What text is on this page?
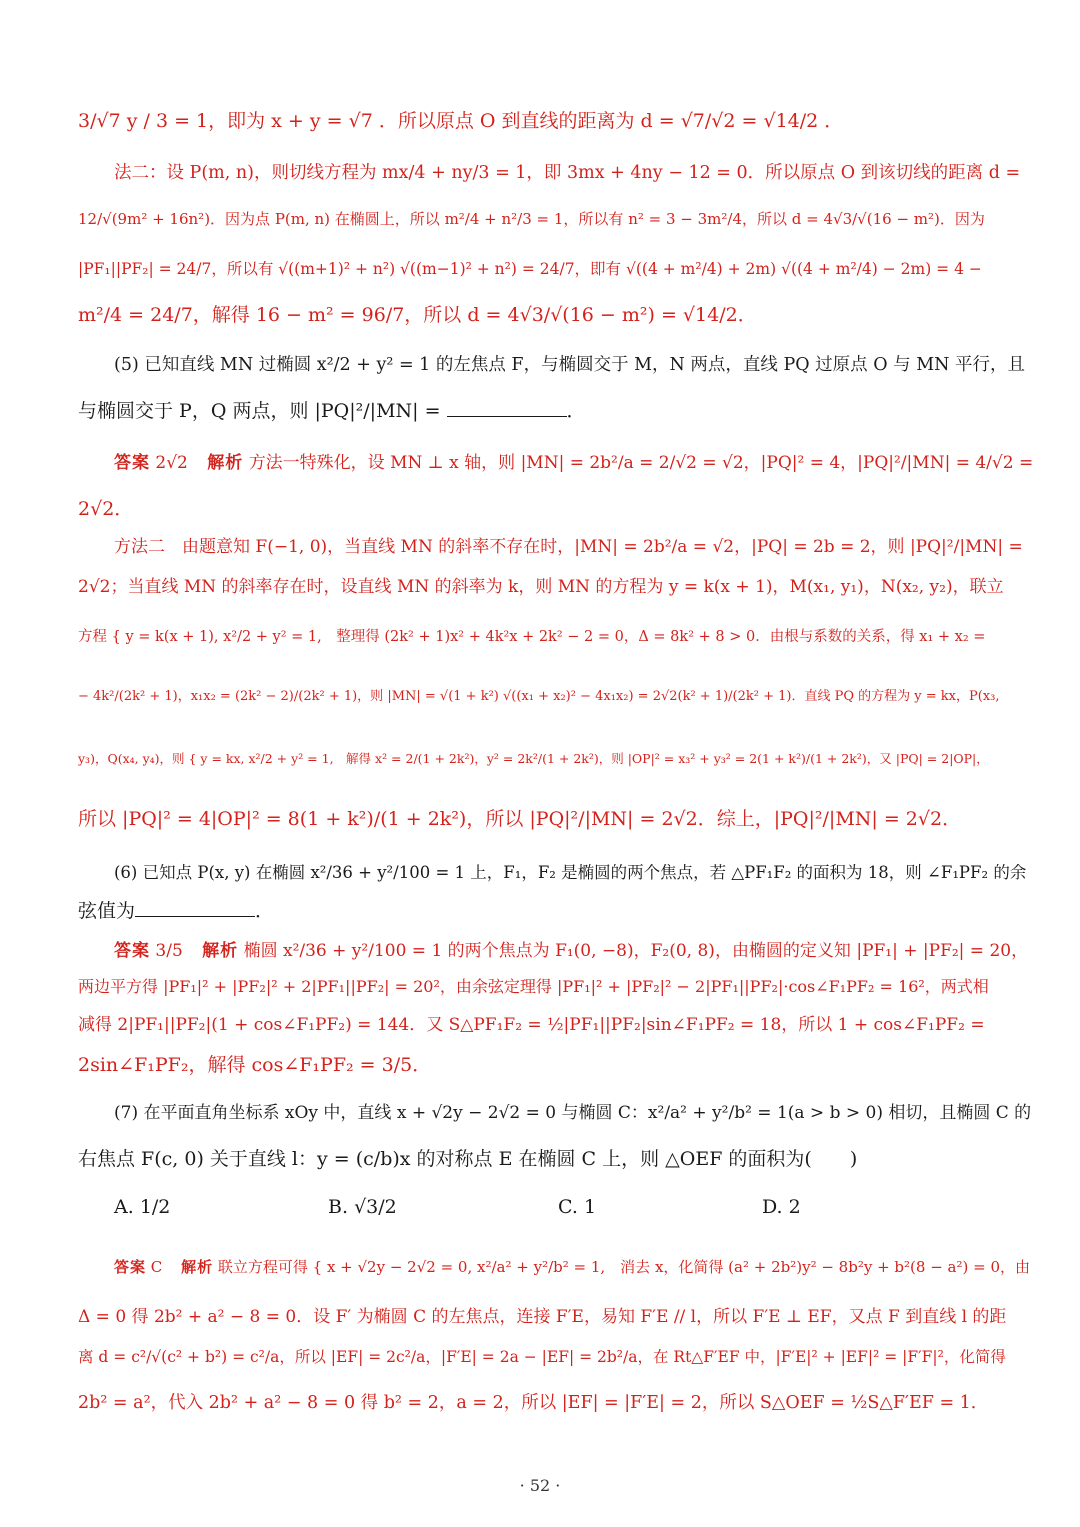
3/√7 y / 3 = 1，即为 x + y = √7 ．所以原点 O 到直线的距离为 d = √7/√2 = √14/2 ．
法二：设 P(m, n)，则切线方程为 mx/4 + ny/3 = 1，即 3mx + 4ny − 12 = 0．所以原点 O 到该切线的距离 d =
12/√(9m² + 16n²)．因为点 P(m, n) 在椭圆上，所以 m²/4 + n²/3 = 1，所以有 n² = 3 − 3m²/4，所以 d = 4√3/√(16 − m²)．因为
|PF₁||PF₂| = 24/7，所以有 √((m+1)² + n²) √((m−1)² + n²) = 24/7，即有 √((4 + m²/4) + 2m) √((4 + m²/4) − 2m) = 4 −
m²/4 = 24/7，解得 16 − m² = 96/7，所以 d = 4√3/√(16 − m²) = √14/2．
(5) 已知直线 MN 过椭圆 x²/2 + y² = 1 的左焦点 F，与椭圆交于 M，N 两点，直线 PQ 过原点 O 与 MN 平行，且
与椭圆交于 P，Q 两点，则 |PQ|²/|MN| =	．
答案 2√2 解析 方法一特殊化，设 MN ⊥ x 轴，则 |MN| = 2b²/a = 2/√2 = √2，|PQ|² = 4，|PQ|²/|MN| = 4/√2 =
2√2．
方法二　由题意知 F(−1, 0)，当直线 MN 的斜率不存在时，|MN| = 2b²/a = √2，|PQ| = 2b = 2，则 |PQ|²/|MN| =
2√2；当直线 MN 的斜率存在时，设直线 MN 的斜率为 k，则 MN 的方程为 y = k(x + 1)，M(x₁, y₁)，N(x₂, y₂)，联立
方程 { y = k(x + 1), x²/2 + y² = 1,　整理得 (2k² + 1)x² + 4k²x + 2k² − 2 = 0，Δ = 8k² + 8 > 0．由根与系数的关系，得 x₁ + x₂ =
− 4k²/(2k² + 1)，x₁x₂ = (2k² − 2)/(2k² + 1)，则 |MN| = √(1 + k²) √((x₁ + x₂)² − 4x₁x₂) = 2√2(k² + 1)/(2k² + 1)．直线 PQ 的方程为 y = kx，P(x₃,
y₃)，Q(x₄, y₄)，则 { y = kx, x²/2 + y² = 1,　解得 x² = 2/(1 + 2k²)，y² = 2k²/(1 + 2k²)，则 |OP|² = x₃² + y₃² = 2(1 + k²)/(1 + 2k²)，又 |PQ| = 2|OP|，
所以 |PQ|² = 4|OP|² = 8(1 + k²)/(1 + 2k²)，所以 |PQ|²/|MN| = 2√2．综上，|PQ|²/|MN| = 2√2．
(6) 已知点 P(x, y) 在椭圆 x²/36 + y²/100 = 1 上，F₁，F₂ 是椭圆的两个焦点，若 △PF₁F₂ 的面积为 18，则 ∠F₁PF₂ 的余
弦值为	．
答案 3/5 解析 椭圆 x²/36 + y²/100 = 1 的两个焦点为 F₁(0, −8)，F₂(0, 8)，由椭圆的定义知 |PF₁| + |PF₂| = 20，
两边平方得 |PF₁|² + |PF₂|² + 2|PF₁||PF₂| = 20²，由余弦定理得 |PF₁|² + |PF₂|² − 2|PF₁||PF₂|·cos∠F₁PF₂ = 16²，两式相
减得 2|PF₁||PF₂|(1 + cos∠F₁PF₂) = 144．又 S△PF₁F₂ = ½|PF₁||PF₂|sin∠F₁PF₂ = 18，所以 1 + cos∠F₁PF₂ =
2sin∠F₁PF₂，解得 cos∠F₁PF₂ = 3/5．
(7) 在平面直角坐标系 xOy 中，直线 x + √2y − 2√2 = 0 与椭圆 C：x²/a² + y²/b² = 1(a > b > 0) 相切，且椭圆 C 的
右焦点 F(c, 0) 关于直线 l：y = (c/b)x 的对称点 E 在椭圆 C 上，则 △OEF 的面积为(　　)
A. 1/2	B. √3/2	C. 1	D. 2
答案 C 解析 联立方程可得 { x + √2y − 2√2 = 0, x²/a² + y²/b² = 1,　消去 x，化简得 (a² + 2b²)y² − 8b²y + b²(8 − a²) = 0，由
Δ = 0 得 2b² + a² − 8 = 0．设 F′ 为椭圆 C 的左焦点，连接 F′E，易知 F′E // l，所以 F′E ⊥ EF，又点 F 到直线 l 的距
离 d = c²/√(c² + b²) = c²/a，所以 |EF| = 2c²/a，|F′E| = 2a − |EF| = 2b²/a，在 Rt△F′EF 中，|F′E|² + |EF|² = |F′F|²，化简得
2b² = a²，代入 2b² + a² − 8 = 0 得 b² = 2，a = 2，所以 |EF| = |F′E| = 2，所以 S△OEF = ½S△F′EF = 1．
· 52 ·
